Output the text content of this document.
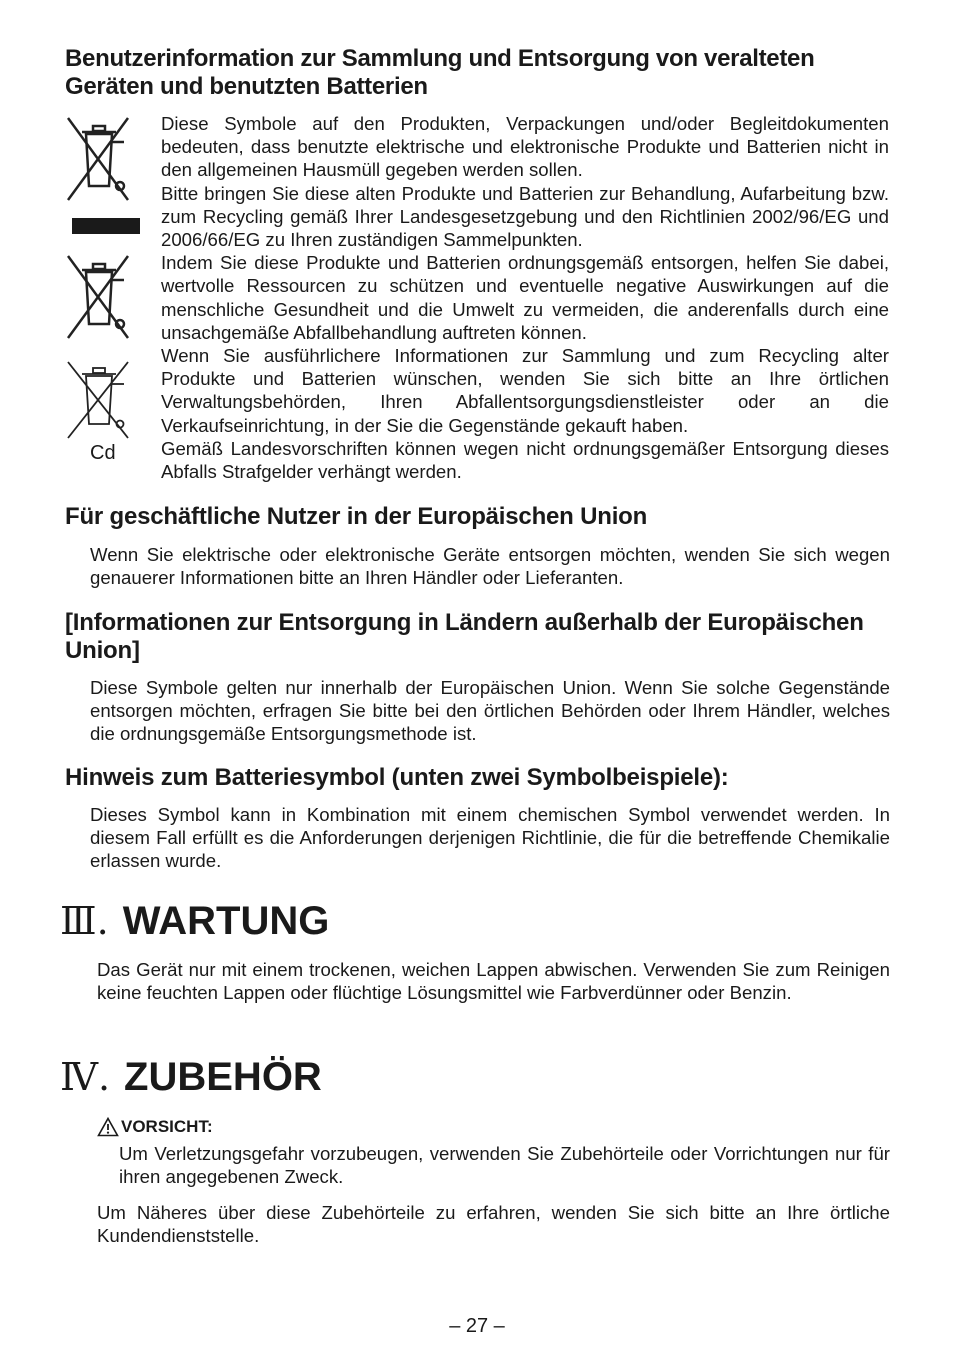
Benutzerinformation zur Sammlung und Entsorgung von veralteten Geräten und benutzten Batterien
Cd

Diese Symbole auf den Produkten, Verpackungen und/oder Begleitdokumenten bedeuten, dass benutzte elektrische und elektronische Produkte und Batterien nicht in den allgemeinen Hausmüll gegeben werden sollen.

Bitte bringen Sie diese alten Produkte und Batterien zur Behandlung, Aufarbeitung bzw. zum Recycling gemäß Ihrer Landesgesetzgebung und den Richtlinien 2002/96/EG und 2006/66/EG zu Ihren zuständigen Sammelpunkten.

Indem Sie diese Produkte und Batterien ordnungsgemäß entsorgen, helfen Sie dabei, wertvolle Ressourcen zu schützen und eventuelle negative Auswirkungen auf die menschliche Gesundheit und die Umwelt zu vermeiden, die anderenfalls durch eine unsachgemäße Abfallbehandlung auftreten können.

Wenn Sie ausführlichere Informationen zur Sammlung und zum Recycling alter Produkte und Batterien wünschen, wenden Sie sich bitte an Ihre örtlichen Verwaltungsbehörden, Ihren Abfallentsorgungsdienstleister oder an die Verkaufseinrichtung, in der Sie die Gegenstände gekauft haben.

Gemäß Landesvorschriften können wegen nicht ordnungsgemäßer Entsorgung dieses Abfalls Strafgelder verhängt werden.

Für geschäftliche Nutzer in der Europäischen Union

Wenn Sie elektrische oder elektronische Geräte entsorgen möchten, wenden Sie sich wegen genauerer Informationen bitte an Ihren Händler oder Lieferanten.

[Informationen zur Entsorgung in Ländern außerhalb der Europäischen Union]

Diese Symbole gelten nur innerhalb der Europäischen Union. Wenn Sie solche Gegenstände entsorgen möchten, erfragen Sie bitte bei den örtlichen Behörden oder Ihrem Händler, welches die ordnungsgemäße Entsorgungsmethode ist.

Hinweis zum Batteriesymbol (unten zwei Symbolbeispiele):

Dieses Symbol kann in Kombination mit einem chemischen Symbol verwendet werden. In diesem Fall erfüllt es die Anforderungen derjenigen Richtlinie, die für die betreffende Chemikalie erlassen wurde.

Ⅲ. WARTUNG

Das Gerät nur mit einem trockenen, weichen Lappen abwischen. Verwenden Sie zum Reinigen keine feuchten Lappen oder flüchtige Lösungsmittel wie Farbverdünner oder Benzin.

Ⅳ. ZUBEHÖR
VORSICHT:

Um Verletzungsgefahr vorzubeugen, verwenden Sie Zubehörteile oder Vorrichtungen nur für ihren angegebenen Zweck.

Um Näheres über diese Zubehörteile zu erfahren, wenden Sie sich bitte an Ihre örtliche Kundendienststelle.

– 27 –
